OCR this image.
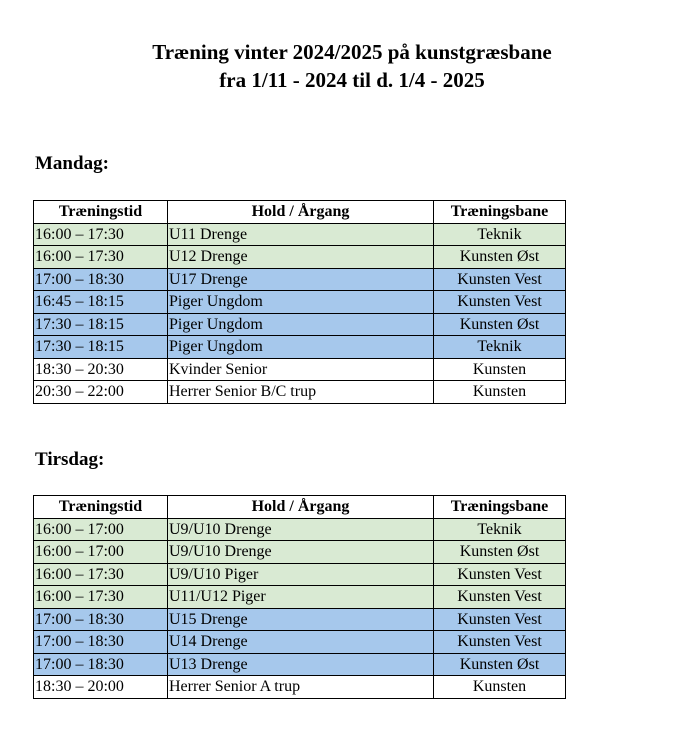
Træning vinter 2024/2025 på kunstgræsbane
fra 1/11 - 2024 til d. 1/4 - 2025
Mandag:
Træningstid	Hold / Årgang	Træningsbane
16:00 – 17:30	U11 Drenge	Teknik
16:00 – 17:30	U12 Drenge	Kunsten Øst
17:00 – 18:30	U17 Drenge	Kunsten Vest
16:45 – 18:15	Piger Ungdom	Kunsten Vest
17:30 – 18:15	Piger Ungdom	Kunsten Øst
17:30 – 18:15	Piger Ungdom	Teknik
18:30 – 20:30	Kvinder Senior	Kunsten
20:30 – 22:00	Herrer Senior B/C trup	Kunsten
Tirsdag:
Træningstid	Hold / Årgang	Træningsbane
16:00 – 17:00	U9/U10 Drenge	Teknik
16:00 – 17:00	U9/U10 Drenge	Kunsten Øst
16:00 – 17:30	U9/U10 Piger	Kunsten Vest
16:00 – 17:30	U11/U12 Piger	Kunsten Vest
17:00 – 18:30	U15 Drenge	Kunsten Vest
17:00 – 18:30	U14 Drenge	Kunsten Vest
17:00 – 18:30	U13 Drenge	Kunsten Øst
18:30 – 20:00	Herrer Senior A trup	Kunsten
